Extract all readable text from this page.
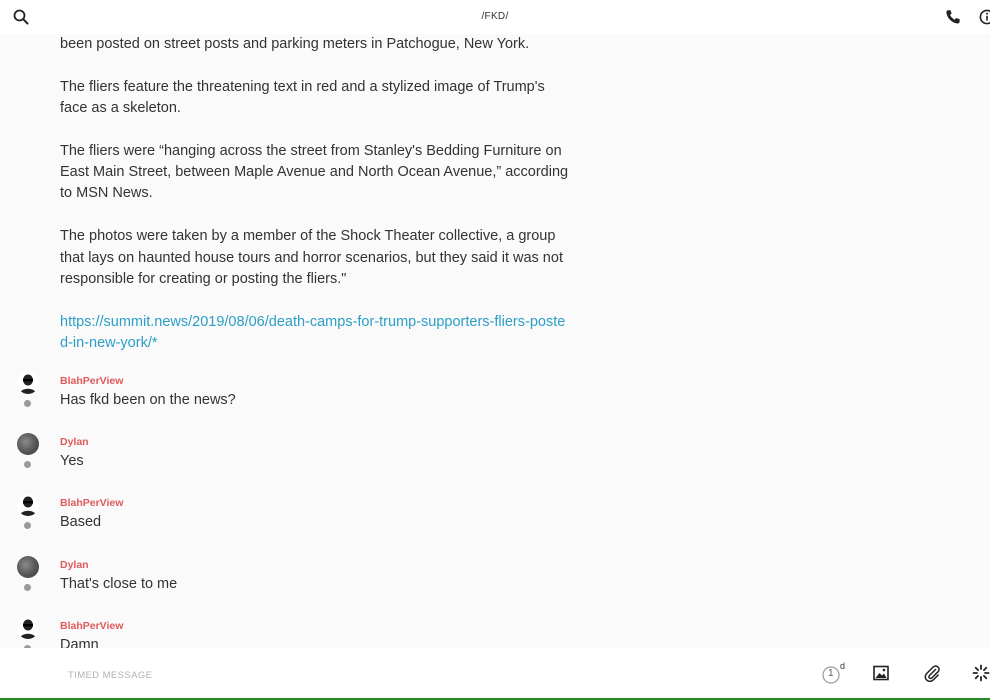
/FKD/

been posted on street posts and parking meters in Patchogue, New York.

The fliers feature the threatening text in red and a stylized image of Trump's face as a skeleton.

The fliers were “hanging across the street from Stanley's Bedding Furniture on East Main Street, between Maple Avenue and North Ocean Avenue,” according to MSN News.

The photos were taken by a member of the Shock Theater collective, a group that lays on haunted house tours and horror scenarios, but they said it was not responsible for creating or posting the fliers."

https://summit.news/2019/08/06/death-camps-for-trump-supporters-fliers-posted-in-new-york/*
BlahPerView
Has fkd been on the news?
Dylan
Yes
BlahPerView
Based
Dylan
That's close to me
BlahPerView
Damn
TIMED MESSAGE
1
d
